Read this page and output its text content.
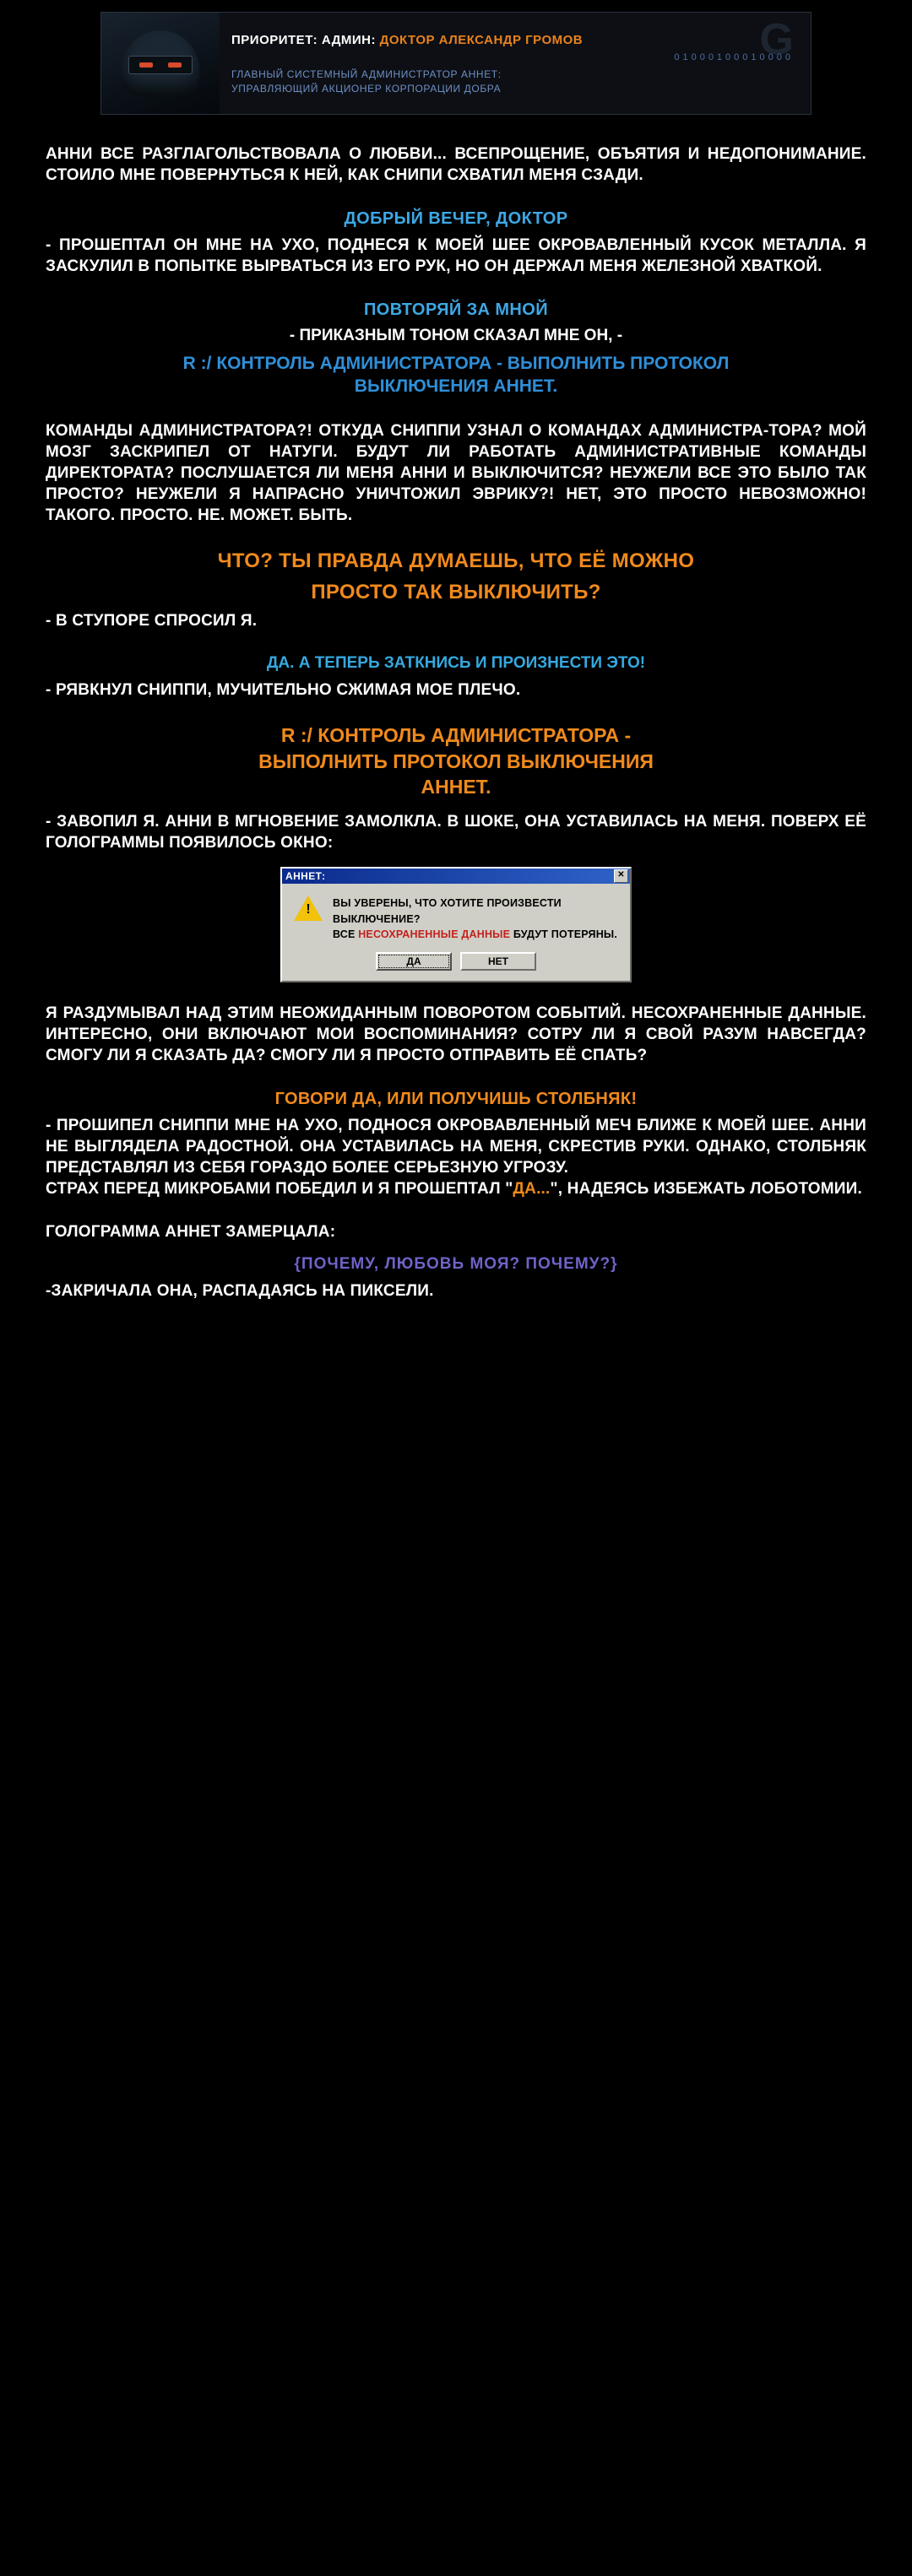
G
ПРИОРИТЕТ: АДМИН: ДОКТОР АЛЕКСАНДР ГРОМОВ
01000100010000
ГЛАВНЫЙ СИСТЕМНЫЙ АДМИНИСТРАТОР АННЕТ:
УПРАВЛЯЮЩИЙ АКЦИОНЕР КОРПОРАЦИИ ДОБРА

АННИ ВСЕ РАЗГЛАГОЛЬСТВОВАЛА О ЛЮБВИ... ВСЕПРОЩЕНИЕ, ОБЪЯТИЯ И НЕДОПОНИМАНИЕ. СТОИЛО МНЕ ПОВЕРНУТЬСЯ К НЕЙ, КАК СНИПИ СХВАТИЛ МЕНЯ СЗАДИ.

ДОБРЫЙ ВЕЧЕР, ДОКТОР

- ПРОШЕПТАЛ ОН МНЕ НА УХО, ПОДНЕСЯ К МОЕЙ ШЕЕ ОКРОВАВЛЕННЫЙ КУСОК МЕТАЛЛА. Я ЗАСКУЛИЛ В ПОПЫТКЕ ВЫРВАТЬСЯ ИЗ ЕГО РУК, НО ОН ДЕРЖАЛ МЕНЯ ЖЕЛЕЗНОЙ ХВАТКОЙ.

ПОВТОРЯЙ ЗА МНОЙ
- ПРИКАЗНЫМ ТОНОМ СКАЗАЛ МНЕ ОН, -
R :/ КОНТРОЛЬ АДМИНИСТРАТОРА - ВЫПОЛНИТЬ ПРОТОКОЛ
ВЫКЛЮЧЕНИЯ АННЕТ.

КОМАНДЫ АДМИНИСТРАТОРА?! ОТКУДА СНИППИ УЗНАЛ О КОМАНДАХ АДМИНИСТРА-ТОРА? МОЙ МОЗГ ЗАСКРИПЕЛ ОТ НАТУГИ. БУДУТ ЛИ РАБОТАТЬ АДМИНИСТРАТИВНЫЕ КОМАНДЫ ДИРЕКТОРАТА? ПОСЛУШАЕТСЯ ЛИ МЕНЯ АННИ И ВЫКЛЮЧИТСЯ? НЕУЖЕЛИ ВСЕ ЭТО БЫЛО ТАК ПРОСТО? НЕУЖЕЛИ Я НАПРАСНО УНИЧТОЖИЛ ЭВРИКУ?! НЕТ, ЭТО ПРОСТО НЕВОЗМОЖНО! ТАКОГО. ПРОСТО. НЕ. МОЖЕТ. БЫТЬ.

ЧТО? ТЫ ПРАВДА ДУМАЕШЬ, ЧТО ЕЁ МОЖНО
ПРОСТО ТАК ВЫКЛЮЧИТЬ?

- В СТУПОРЕ СПРОСИЛ Я.

ДА. А ТЕПЕРЬ ЗАТКНИСЬ И ПРОИЗНЕСТИ ЭТО!

- РЯВКНУЛ СНИППИ, МУЧИТЕЛЬНО СЖИМАЯ МОЕ ПЛЕЧО.

R :/ КОНТРОЛЬ АДМИНИСТРАТОРА -
ВЫПОЛНИТЬ ПРОТОКОЛ ВЫКЛЮЧЕНИЯ
АННЕТ.

- ЗАВОПИЛ Я. АННИ В МГНОВЕНИЕ ЗАМОЛКЛА. В ШОКЕ, ОНА УСТАВИЛАСЬ НА МЕНЯ. ПОВЕРХ ЕЁ ГОЛОГРАММЫ ПОЯВИЛОСЬ ОКНО:

АННЕТ:	✕
!	ВЫ УВЕРЕНЫ, ЧТО ХОТИТЕ ПРОИЗВЕСТИ ВЫКЛЮЧЕНИЕ?
ВСЕ НЕСОХРАНЕННЫЕ ДАННЫЕ БУДУТ ПОТЕРЯНЫ.
ДА	НЕТ

Я РАЗДУМЫВАЛ НАД ЭТИМ НЕОЖИДАННЫМ ПОВОРОТОМ СОБЫТИЙ. НЕСОХРАНЕННЫЕ ДАННЫЕ. ИНТЕРЕСНО, ОНИ ВКЛЮЧАЮТ МОИ ВОСПОМИНАНИЯ? СОТРУ ЛИ Я СВОЙ РАЗУМ НАВСЕГДА? СМОГУ ЛИ Я СКАЗАТЬ ДА? СМОГУ ЛИ Я ПРОСТО ОТПРАВИТЬ ЕЁ СПАТЬ?

ГОВОРИ ДА, ИЛИ ПОЛУЧИШЬ СТОЛБНЯК!

- ПРОШИПЕЛ СНИППИ МНЕ НА УХО, ПОДНОСЯ ОКРОВАВЛЕННЫЙ МЕЧ БЛИЖЕ К МОЕЙ ШЕЕ. АННИ НЕ ВЫГЛЯДЕЛА РАДОСТНОЙ. ОНА УСТАВИЛАСЬ НА МЕНЯ, СКРЕСТИВ РУКИ. ОДНАКО, СТОЛБНЯК ПРЕДСТАВЛЯЛ ИЗ СЕБЯ ГОРАЗДО БОЛЕЕ СЕРЬЕЗНУЮ УГРОЗУ.

СТРАХ ПЕРЕД МИКРОБАМИ ПОБЕДИЛ И Я ПРОШЕПТАЛ "ДА...", НАДЕЯСЬ ИЗБЕЖАТЬ ЛОБОТОМИИ.

ГОЛОГРАММА АННЕТ ЗАМЕРЦАЛА:

{ПОЧЕМУ, ЛЮБОВЬ МОЯ? ПОЧЕМУ?}

-ЗАКРИЧАЛА ОНА, РАСПАДАЯСЬ НА ПИКСЕЛИ.
